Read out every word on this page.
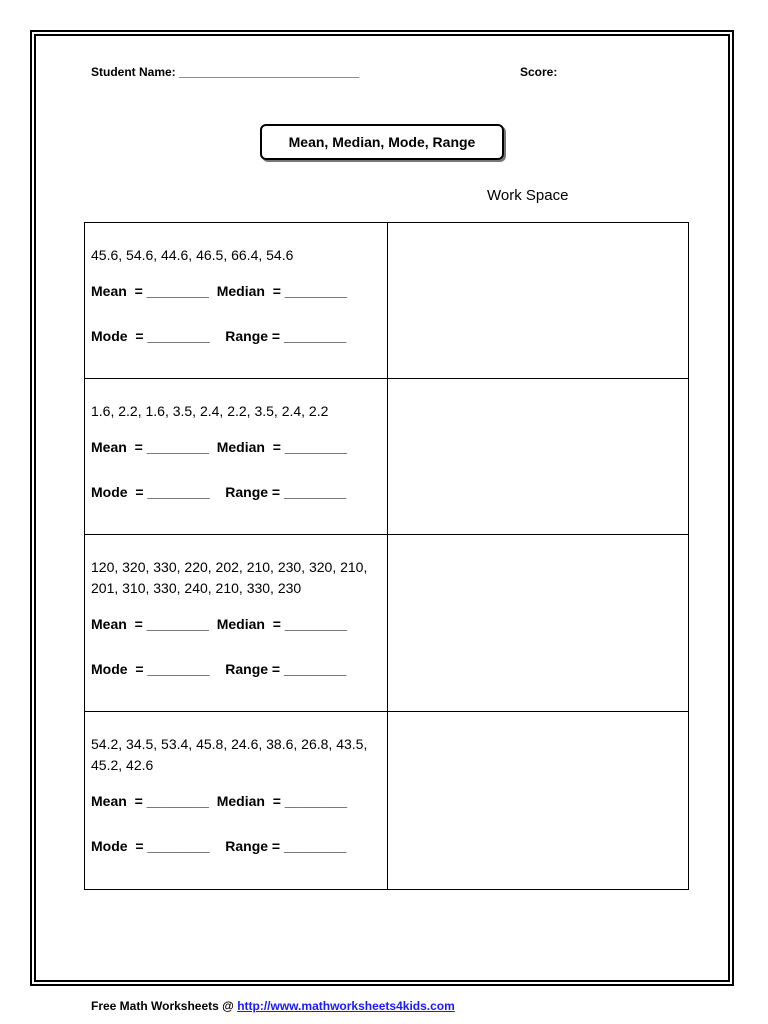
Student Name: ___________________________	Score:
Mean, Median, Mode, Range
Work Space

45.6, 54.6, 44.6, 46.5, 66.4, 54.6

Mean  = ________  Median  = ________

Mode  = ________    Range = ________	

1.6, 2.2, 1.6, 3.5, 2.4, 2.2, 3.5, 2.4, 2.2

Mean  = ________  Median  = ________

Mode  = ________    Range = ________	

120, 320, 330, 220, 202, 210, 230, 320, 210, 201, 310, 330, 240, 210, 330, 230

Mean  = ________  Median  = ________

Mode  = ________    Range = ________	

54.2, 34.5, 53.4, 45.8, 24.6, 38.6, 26.8, 43.5, 45.2, 42.6

Mean  = ________  Median  = ________

Mode  = ________    Range = ________	

Free Math Worksheets @ http://www.mathworksheets4kids.com
